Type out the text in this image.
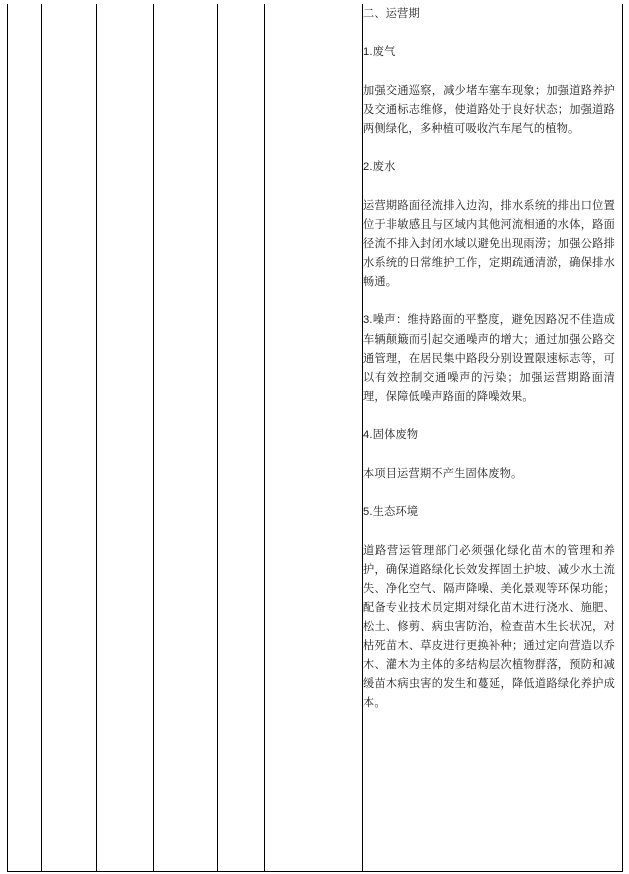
二、运营期

1.废气

加强交通巡察，减少堵车塞车现象；加强道路养护及交通标志维修，使道路处于良好状态；加强道路两侧绿化，多种植可吸收汽车尾气的植物。

2.废水

运营期路面径流排入边沟，排水系统的排出口位置位于非敏感且与区域内其他河流相通的水体，路面径流不排入封闭水域以避免出现雨涝；加强公路排水系统的日常维护工作，定期疏通清淤，确保排水畅通。

3.噪声：维持路面的平整度，避免因路况不佳造成车辆颠簸而引起交通噪声的增大；通过加强公路交通管理，在居民集中路段分别设置限速标志等，可以有效控制交通噪声的污染；加强运营期路面清理，保障低噪声路面的降噪效果。

4.固体废物

本项目运营期不产生固体废物。

5.生态环境

道路营运管理部门必须强化绿化苗木的管理和养护，确保道路绿化长效发挥固土护坡、减少水土流失、净化空气、隔声降噪、美化景观等环保功能；配备专业技术员定期对绿化苗木进行浇水、施肥、松土、修剪、病虫害防治，检查苗木生长状况，对枯死苗木、草皮进行更换补种；通过定向营造以乔木、灌木为主体的多结构层次植物群落，预防和减缓苗木病虫害的发生和蔓延，降低道路绿化养护成本。
